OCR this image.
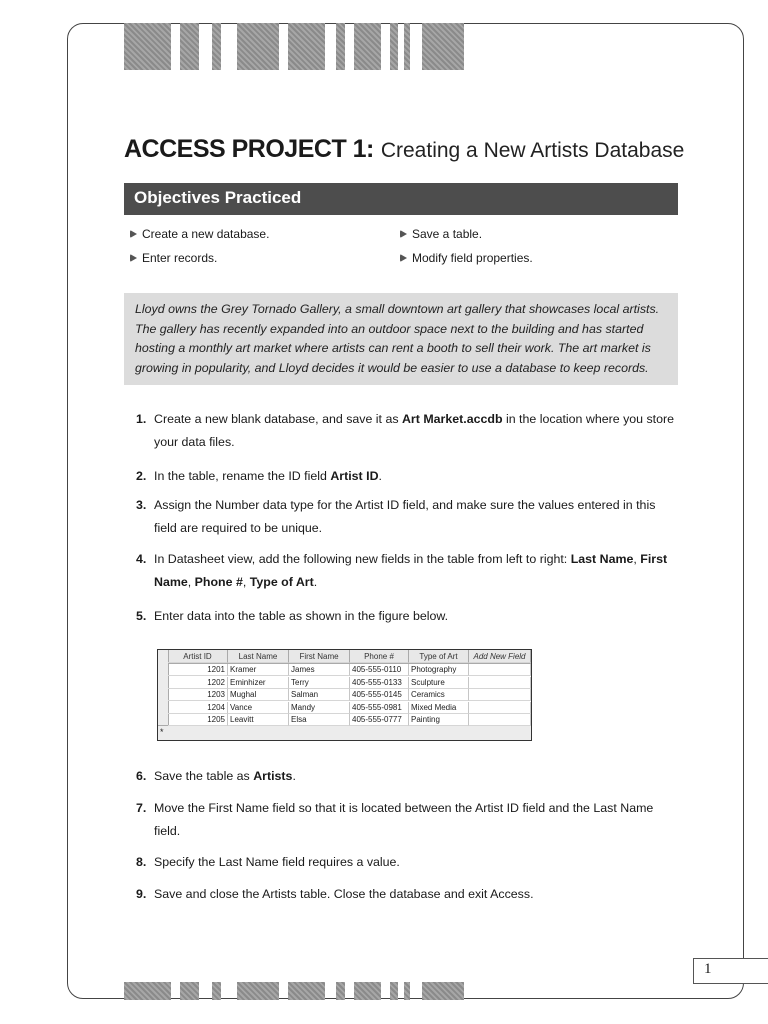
ACCESS PROJECT 1: Creating a New Artists Database
Objectives Practiced
Create a new database.	Save a table.
Enter records.	Modify field properties.
Lloyd owns the Grey Tornado Gallery, a small downtown art gallery that showcases local artists. The gallery has recently expanded into an outdoor space next to the building and has started hosting a monthly art market where artists can rent a booth to sell their work. The art market is growing in popularity, and Lloyd decides it would be easier to use a database to keep records.
1. Create a new blank database, and save it as Art Market.accdb in the location where you store your data files.
2. In the table, rename the ID field Artist ID.
3. Assign the Number data type for the Artist ID field, and make sure the values entered in this field are required to be unique.
4. In Datasheet view, add the following new fields in the table from left to right: Last Name, First Name, Phone #, Type of Art.
5. Enter data into the table as shown in the figure below.
6. Save the table as Artists.
7. Move the First Name field so that it is located between the Artist ID field and the Last Name field.
8. Specify the Last Name field requires a value.
9. Save and close the Artists table. Close the database and exit Access.
*
Artist ID	Last Name	First Name	Phone #	Type of Art	Add New Field
1201 Kramer	James	405-555-0110	Photography
1202 Eminhizer	Terry	405-555-0133	Sculpture
1203 Mughal	Salman	405-555-0145	Ceramics
1204 Vance	Mandy	405-555-0981	Mixed Media
1205 Leavitt	Elsa	405-555-0777	Painting
1
